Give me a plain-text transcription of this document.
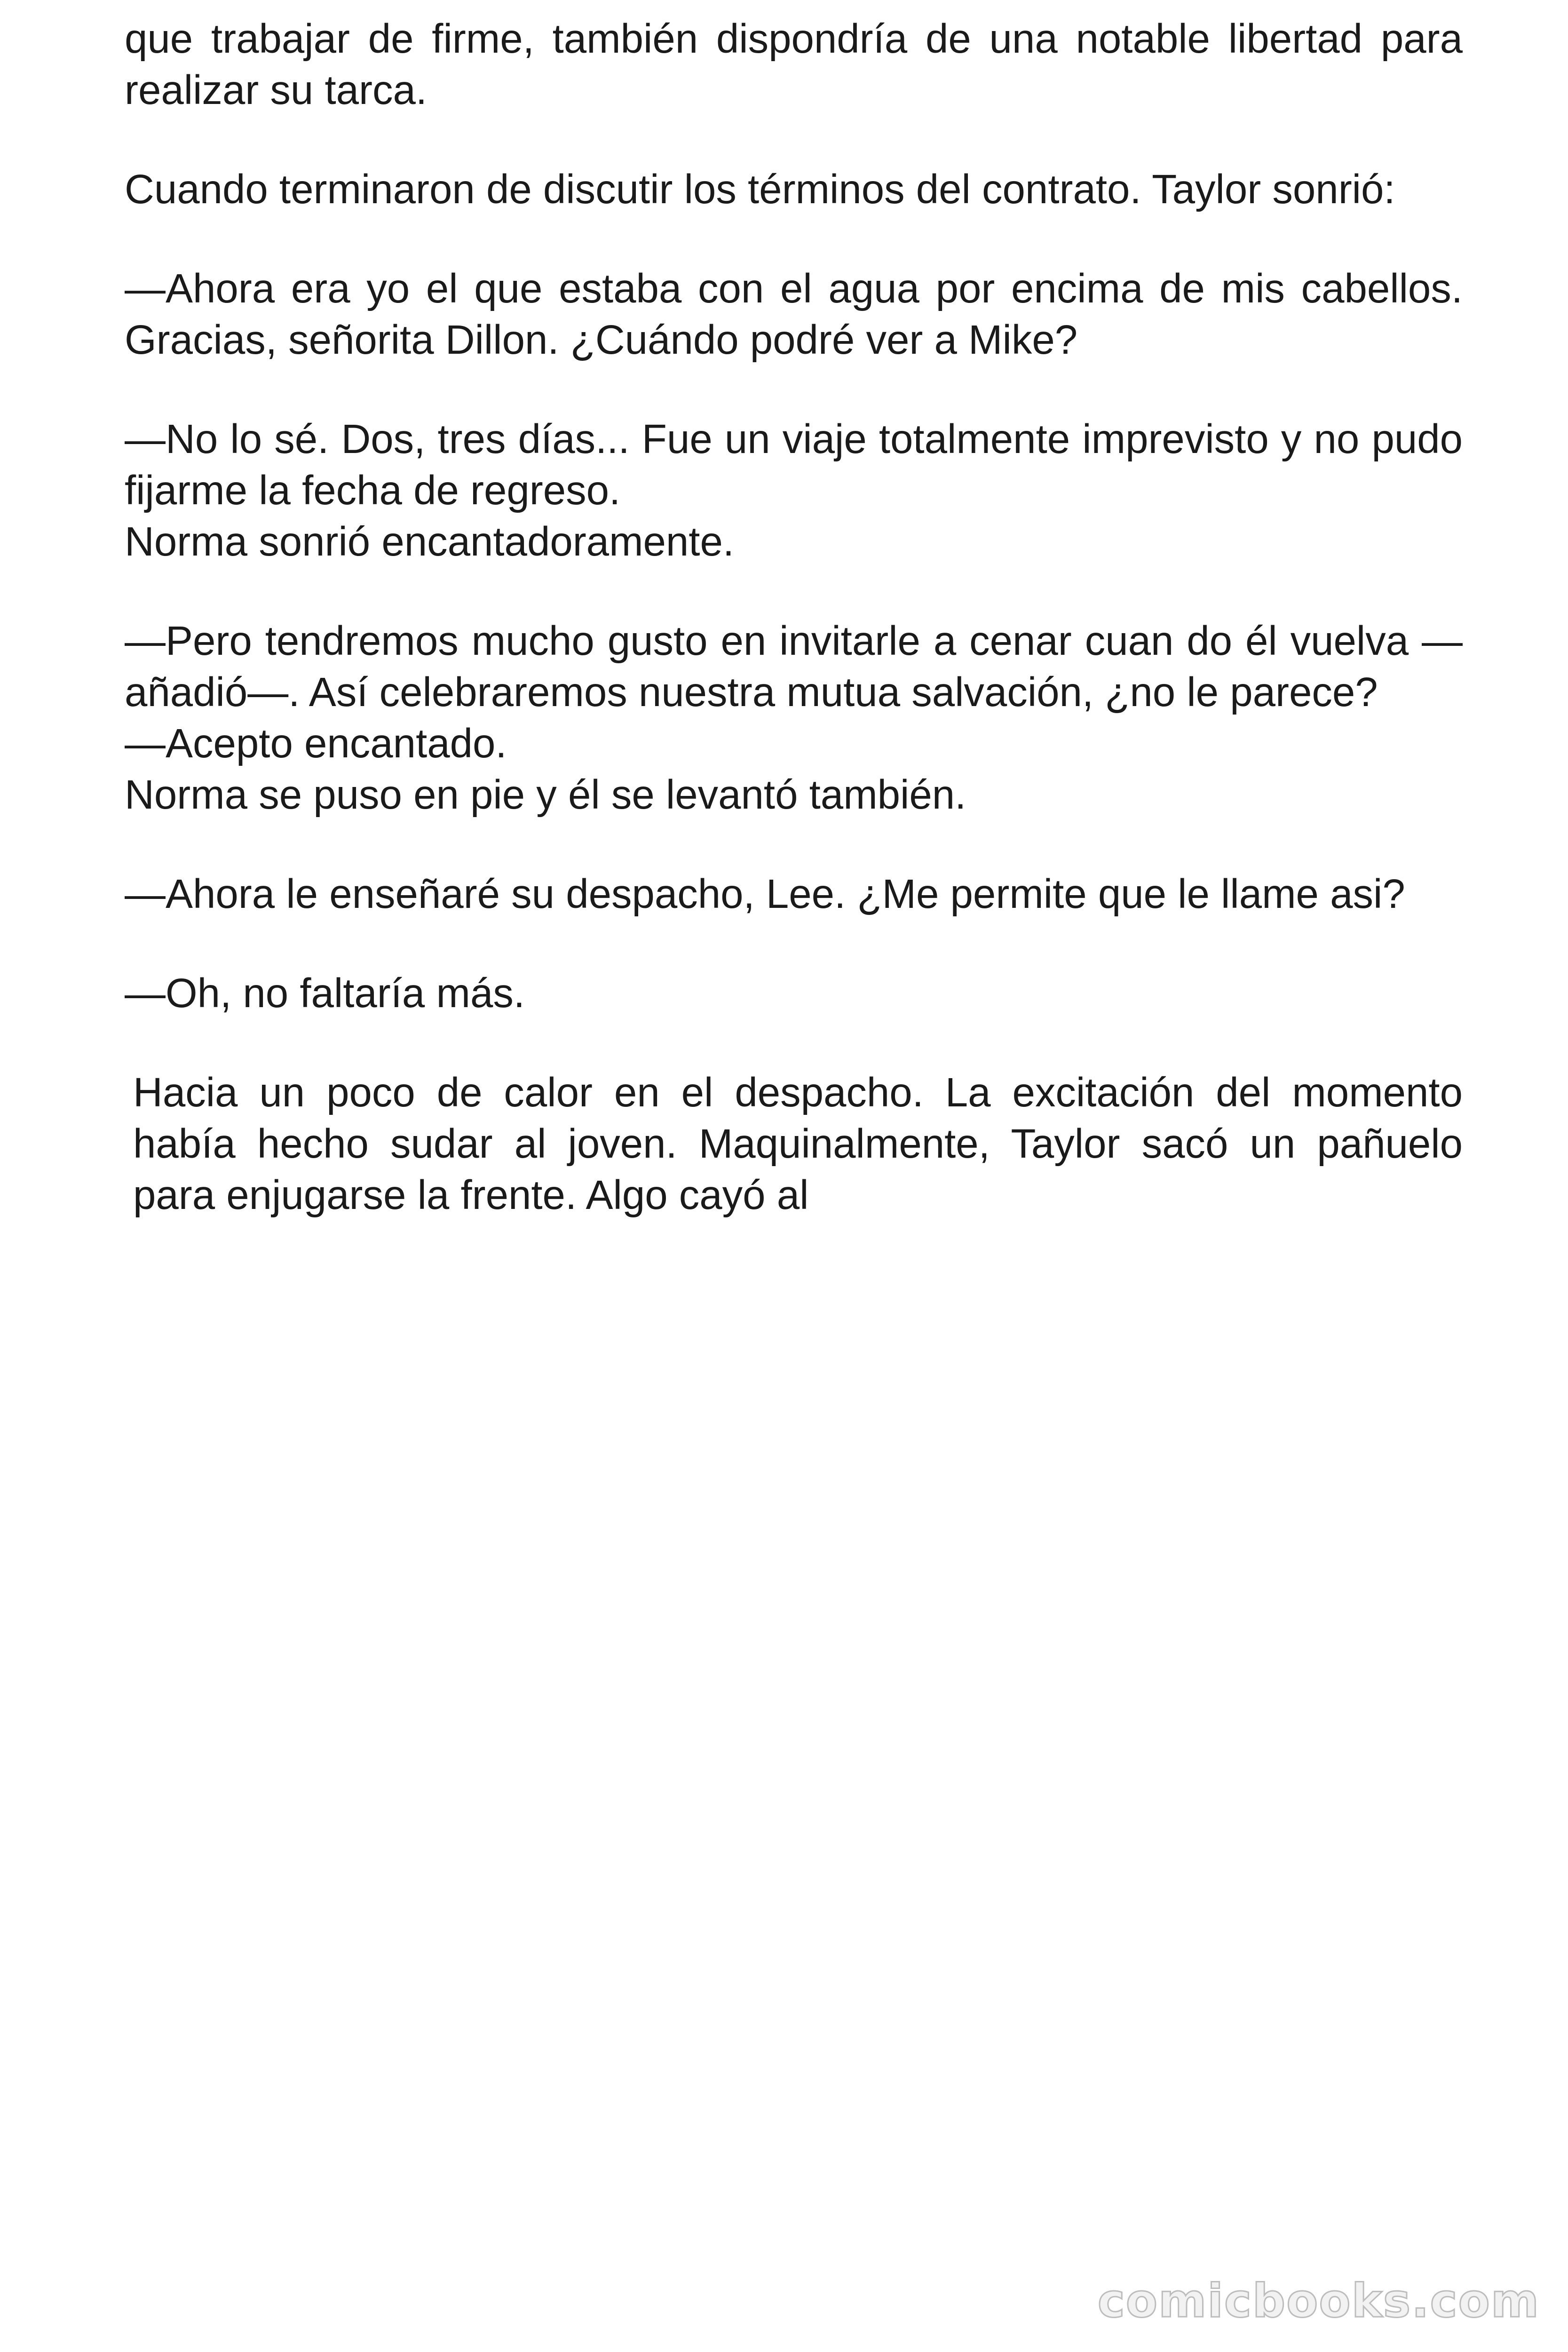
que trabajar de firme, también dispondría de una notable libertad para realizar su tarca.

Cuando terminaron de discutir los términos del contrato. Taylor sonrió:

—Ahora era yo el que estaba con el agua por encima de mis cabellos. Gracias, señorita Dillon. ¿Cuándo podré ver a Mike?

—No lo sé. Dos, tres días... Fue un viaje totalmente imprevisto y no pudo fijarme la fecha de regreso.

Norma sonrió encantadoramente.

—Pero tendremos mucho gusto en invitarle a cenar cuan do él vuelva —añadió—. Así celebraremos nuestra mutua salvación, ¿no le parece?

—Acepto encantado.

Norma se puso en pie y él se levantó también.

—Ahora le enseñaré su despacho, Lee. ¿Me permite que le llame asi?

—Oh, no faltaría más.

Hacia un poco de calor en el despacho. La excitación del momento había hecho sudar al joven. Maquinalmente, Taylor sacó un pañuelo para enjugarse la frente. Algo cayó al

comicbooks.com
